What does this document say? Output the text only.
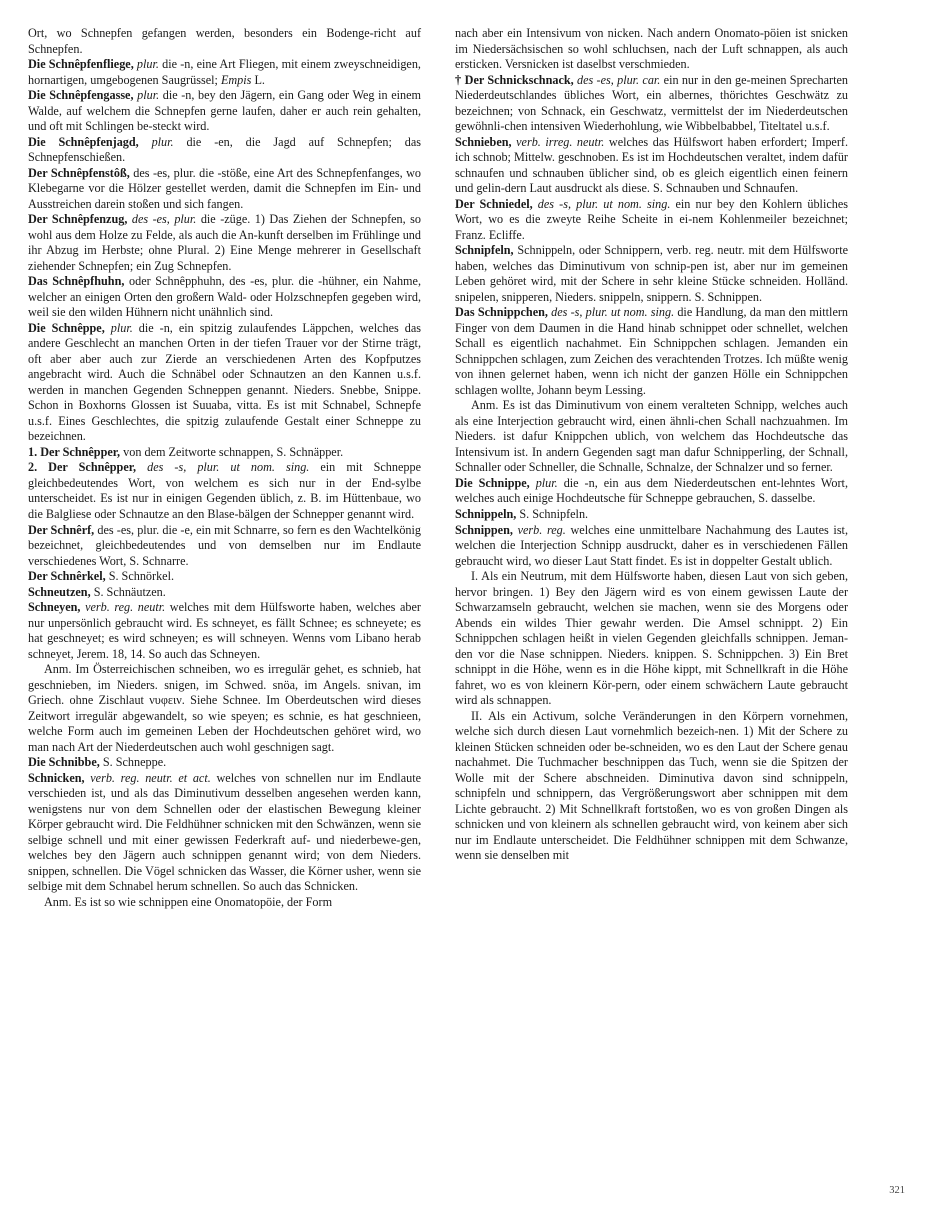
Ort, wo Schnepfen gefangen werden, besonders ein Bodenge-richt auf Schnepfen.

Die Schnêpfenfliege, plur. die -n, eine Art Fliegen, mit einem zweyschneidigen, hornartigen, umgebogenen Saugrüssel; Empis L.

Die Schnêpfengasse, plur. die -n, bey den Jägern, ein Gang oder Weg in einem Walde, auf welchem die Schnepfen gerne laufen, daher er auch rein gehalten, und oft mit Schlingen be-steckt wird.

Die Schnêpfenjagd, plur. die -en, die Jagd auf Schnepfen; das Schnepfenschießen.

Der Schnêpfenstôß, des -es, plur. die -stöße, eine Art des Schnepfenfanges, wo Klebegarne vor die Hölzer gestellet werden, damit die Schnepfen im Ein- und Ausstreichen darein stoßen und sich fangen.

Der Schnêpfenzug, des -es, plur. die -züge. 1) Das Ziehen der Schnepfen, so wohl aus dem Holze zu Felde, als auch die An-kunft derselben im Frühlinge und ihr Abzug im Herbste; ohne Plural. 2) Eine Menge mehrerer in Gesellschaft ziehender Schnepfen; ein Zug Schnepfen.

Das Schnêpfhuhn, oder Schnêpphuhn, des -es, plur. die -hühner, ein Nahme, welcher an einigen Orten den großern Wald- oder Holzschnepfen gegeben wird, weil sie den wilden Hühnern nicht unähnlich sind.

Die Schnêppe, plur. die -n, ein spitzig zulaufendes Läppchen, welches das andere Geschlecht an manchen Orten in der tiefen Trauer vor der Stirne trägt, oft aber aber auch zur Zierde an verschiedenen Arten des Kopfputzes angebracht wird. Auch die Schnäbel oder Schnautzen an den Kannen u.s.f. werden in manchen Gegenden Schneppen genannt. Nieders. Snebbe, Snippe. Schon in Boxhorns Glossen ist Suuaba, vitta. Es ist mit Schnabel, Schnepfe u.s.f. Eines Geschlechtes, die spitzig zulaufende Gestalt einer Schneppe zu bezeichnen.

1. Der Schnêpper, von dem Zeitworte schnappen, S. Schnäpper.

2. Der Schnêpper, des -s, plur. ut nom. sing. ein mit Schneppe gleichbedeutendes Wort, von welchem es sich nur in der End-sylbe unterscheidet. Es ist nur in einigen Gegenden üblich, z. B. im Hüttenbaue, wo die Balgliese oder Schnautze an den Blase-bälgen der Schnepper genannt wird.

Der Schnêrf, des -es, plur. die -e, ein mit Schnarre, so fern es den Wachtelkönig bezeichnet, gleichbedeutendes und von demselben nur im Endlaute verschiedenes Wort, S. Schnarre.

Der Schnêrkel, S. Schnörkel.

Schneutzen, S. Schnäutzen.

Schneyen, verb. reg. neutr. welches mit dem Hülfsworte haben, welches aber nur unpersönlich gebraucht wird. Es schneyet, es fällt Schnee; es schneyete; es hat geschneyet; es wird schneyen; es will schneyen. Wenns vom Libano herab schneyet, Jerem. 18, 14. So auch das Schneyen.

Anm. Im Österreichischen schneiben, wo es irregulär gehet, es schnieb, hat geschnieben, im Nieders. snigen, im Schwed. snöa, im Angels. snivan, im Griech. ohne Zischlaut νυφειν. Siehe Schnee. Im Oberdeutschen wird dieses Zeitwort irregulär abgewandelt, so wie speyen; es schnie, es hat geschnieen, welche Form auch im gemeinen Leben der Hochdeutschen gehöret wird, wo man nach Art der Niederdeutschen auch wohl geschnigen sagt.

Die Schnibbe, S. Schneppe.

Schnicken, verb. reg. neutr. et act. welches von schnellen nur im Endlaute verschieden ist, und als das Diminutivum desselben angesehen werden kann, wenigstens nur von dem Schnellen oder der elastischen Bewegung kleiner Körper gebraucht wird. Die Feldhühner schnicken mit den Schwänzen, wenn sie selbige schnell und mit einer gewissen Federkraft auf- und niederbewe-gen, welches bey den Jägern auch schnippen genannt wird; von dem Nieders. snippen, schnellen. Die Vögel schnicken das Wasser, die Körner usher, wenn sie selbige mit dem Schnabel herum schnellen. So auch das Schnicken.

Anm. Es ist so wie schnippen eine Onomatopöie, der Form

nach aber ein Intensivum von nicken. Nach andern Onomato-pöien ist snicken im Niedersächsischen so wohl schluchsen, nach der Luft schnappen, als auch ersticken. Versnicken ist daselbst verschmieden.

† Der Schnickschnack, des -es, plur. car. ein nur in den ge-meinen Sprecharten Niederdeutschlandes übliches Wort, ein albernes, thörichtes Geschwätz zu bezeichnen; von Schnack, ein Geschwatz, vermittelst der im Niederdeutschen gewöhnli-chen intensiven Wiederhohlung, wie Wibbelbabbel, Titeltatel u.s.f.

Schnieben, verb. irreg. neutr. welches das Hülfswort haben erfordert; Imperf. ich schnob; Mittelw. geschnoben. Es ist im Hochdeutschen veraltet, indem dafür schnaufen und schnauben üblicher sind, ob es gleich eigentlich einen feinern und gelin-dern Laut ausdruckt als diese. S. Schnauben und Schnaufen.

Der Schniedel, des -s, plur. ut nom. sing. ein nur bey den Kohlern übliches Wort, wo es die zweyte Reihe Scheite in ei-nem Kohlenmeiler bezeichnet; Franz. Ecliffe.

Schnipfeln, Schnippeln, oder Schnippern, verb. reg. neutr. mit dem Hülfsworte haben, welches das Diminutivum von schnip-pen ist, aber nur im gemeinen Leben gehöret wird, mit der Schere in sehr kleine Stücke schneiden. Holländ. snipelen, snipperen, Nieders. snippeln, snippern. S. Schnippen.

Das Schnippchen, des -s, plur. ut nom. sing. die Handlung, da man den mittlern Finger von dem Daumen in die Hand hinab schnippet oder schnellet, welchen Schall es eigentlich nachahmet. Ein Schnippchen schlagen. Jemanden ein Schnippchen schlagen, zum Zeichen des verachtenden Trotzes. Ich müßte wenig von ihnen gelernet haben, wenn ich nicht der ganzen Hölle ein Schnippchen schlagen wollte, Johann beym Lessing.

Anm. Es ist das Diminutivum von einem veralteten Schnipp, welches auch als eine Interjection gebraucht wird, einen ähnli-chen Schall nachzuahmen. Im Nieders. ist dafur Knippchen ublich, von welchem das Hochdeutsche das Intensivum ist. In andern Gegenden sagt man dafur Schnipperling, der Schnall, Schnaller oder Schneller, die Schnalle, Schnalze, der Schnalzer und so ferner.

Die Schnippe, plur. die -n, ein aus dem Niederdeutschen ent-lehntes Wort, welches auch einige Hochdeutsche für Schneppe gebrauchen, S. dasselbe.

Schnippeln, S. Schnipfeln.

Schnippen, verb. reg. welches eine unmittelbare Nachahmung des Lautes ist, welchen die Interjection Schnipp ausdruckt, daher es in verschiedenen Fällen gebraucht wird, wo dieser Laut Statt findet. Es ist in doppelter Gestalt ublich.

I. Als ein Neutrum, mit dem Hülfsworte haben, diesen Laut von sich geben, hervor bringen. 1) Bey den Jägern wird es von einem gewissen Laute der Schwarzamseln gebraucht, welchen sie machen, wenn sie des Morgens oder Abends ein wildes Thier gewahr werden. Die Amsel schnippt. 2) Ein Schnippchen schlagen heißt in vielen Gegenden gleichfalls schnippen. Jeman-den vor die Nase schnippen. Nieders. knippen. S. Schnippchen. 3) Ein Bret schnippt in die Höhe, wenn es in die Höhe kippt, mit Schnellkraft in die Höhe fahret, wo es von kleinern Kör-pern, oder einem schwächern Laute gebraucht wird als schnappen.

II. Als ein Activum, solche Veränderungen in den Körpern vornehmen, welche sich durch diesen Laut vornehmlich bezeich-nen. 1) Mit der Schere zu kleinen Stücken schneiden oder be-schneiden, wo es den Laut der Schere genau nachahmet. Die Tuchmacher beschnippen das Tuch, wenn sie die Spitzen der Wolle mit der Schere abschneiden. Diminutiva davon sind schnippeln, schnipfeln und schnippern, das Vergrößerungswort aber schnippen mit dem Lichte gebraucht. 2) Mit Schnellkraft fortstoßen, wo es von großen Dingen als schnicken und von kleinern als schnellen gebraucht wird, von keinem aber sich nur im Endlaute unterscheidet. Die Feldhühner schnippen mit dem Schwanze, wenn sie denselben mit

321
